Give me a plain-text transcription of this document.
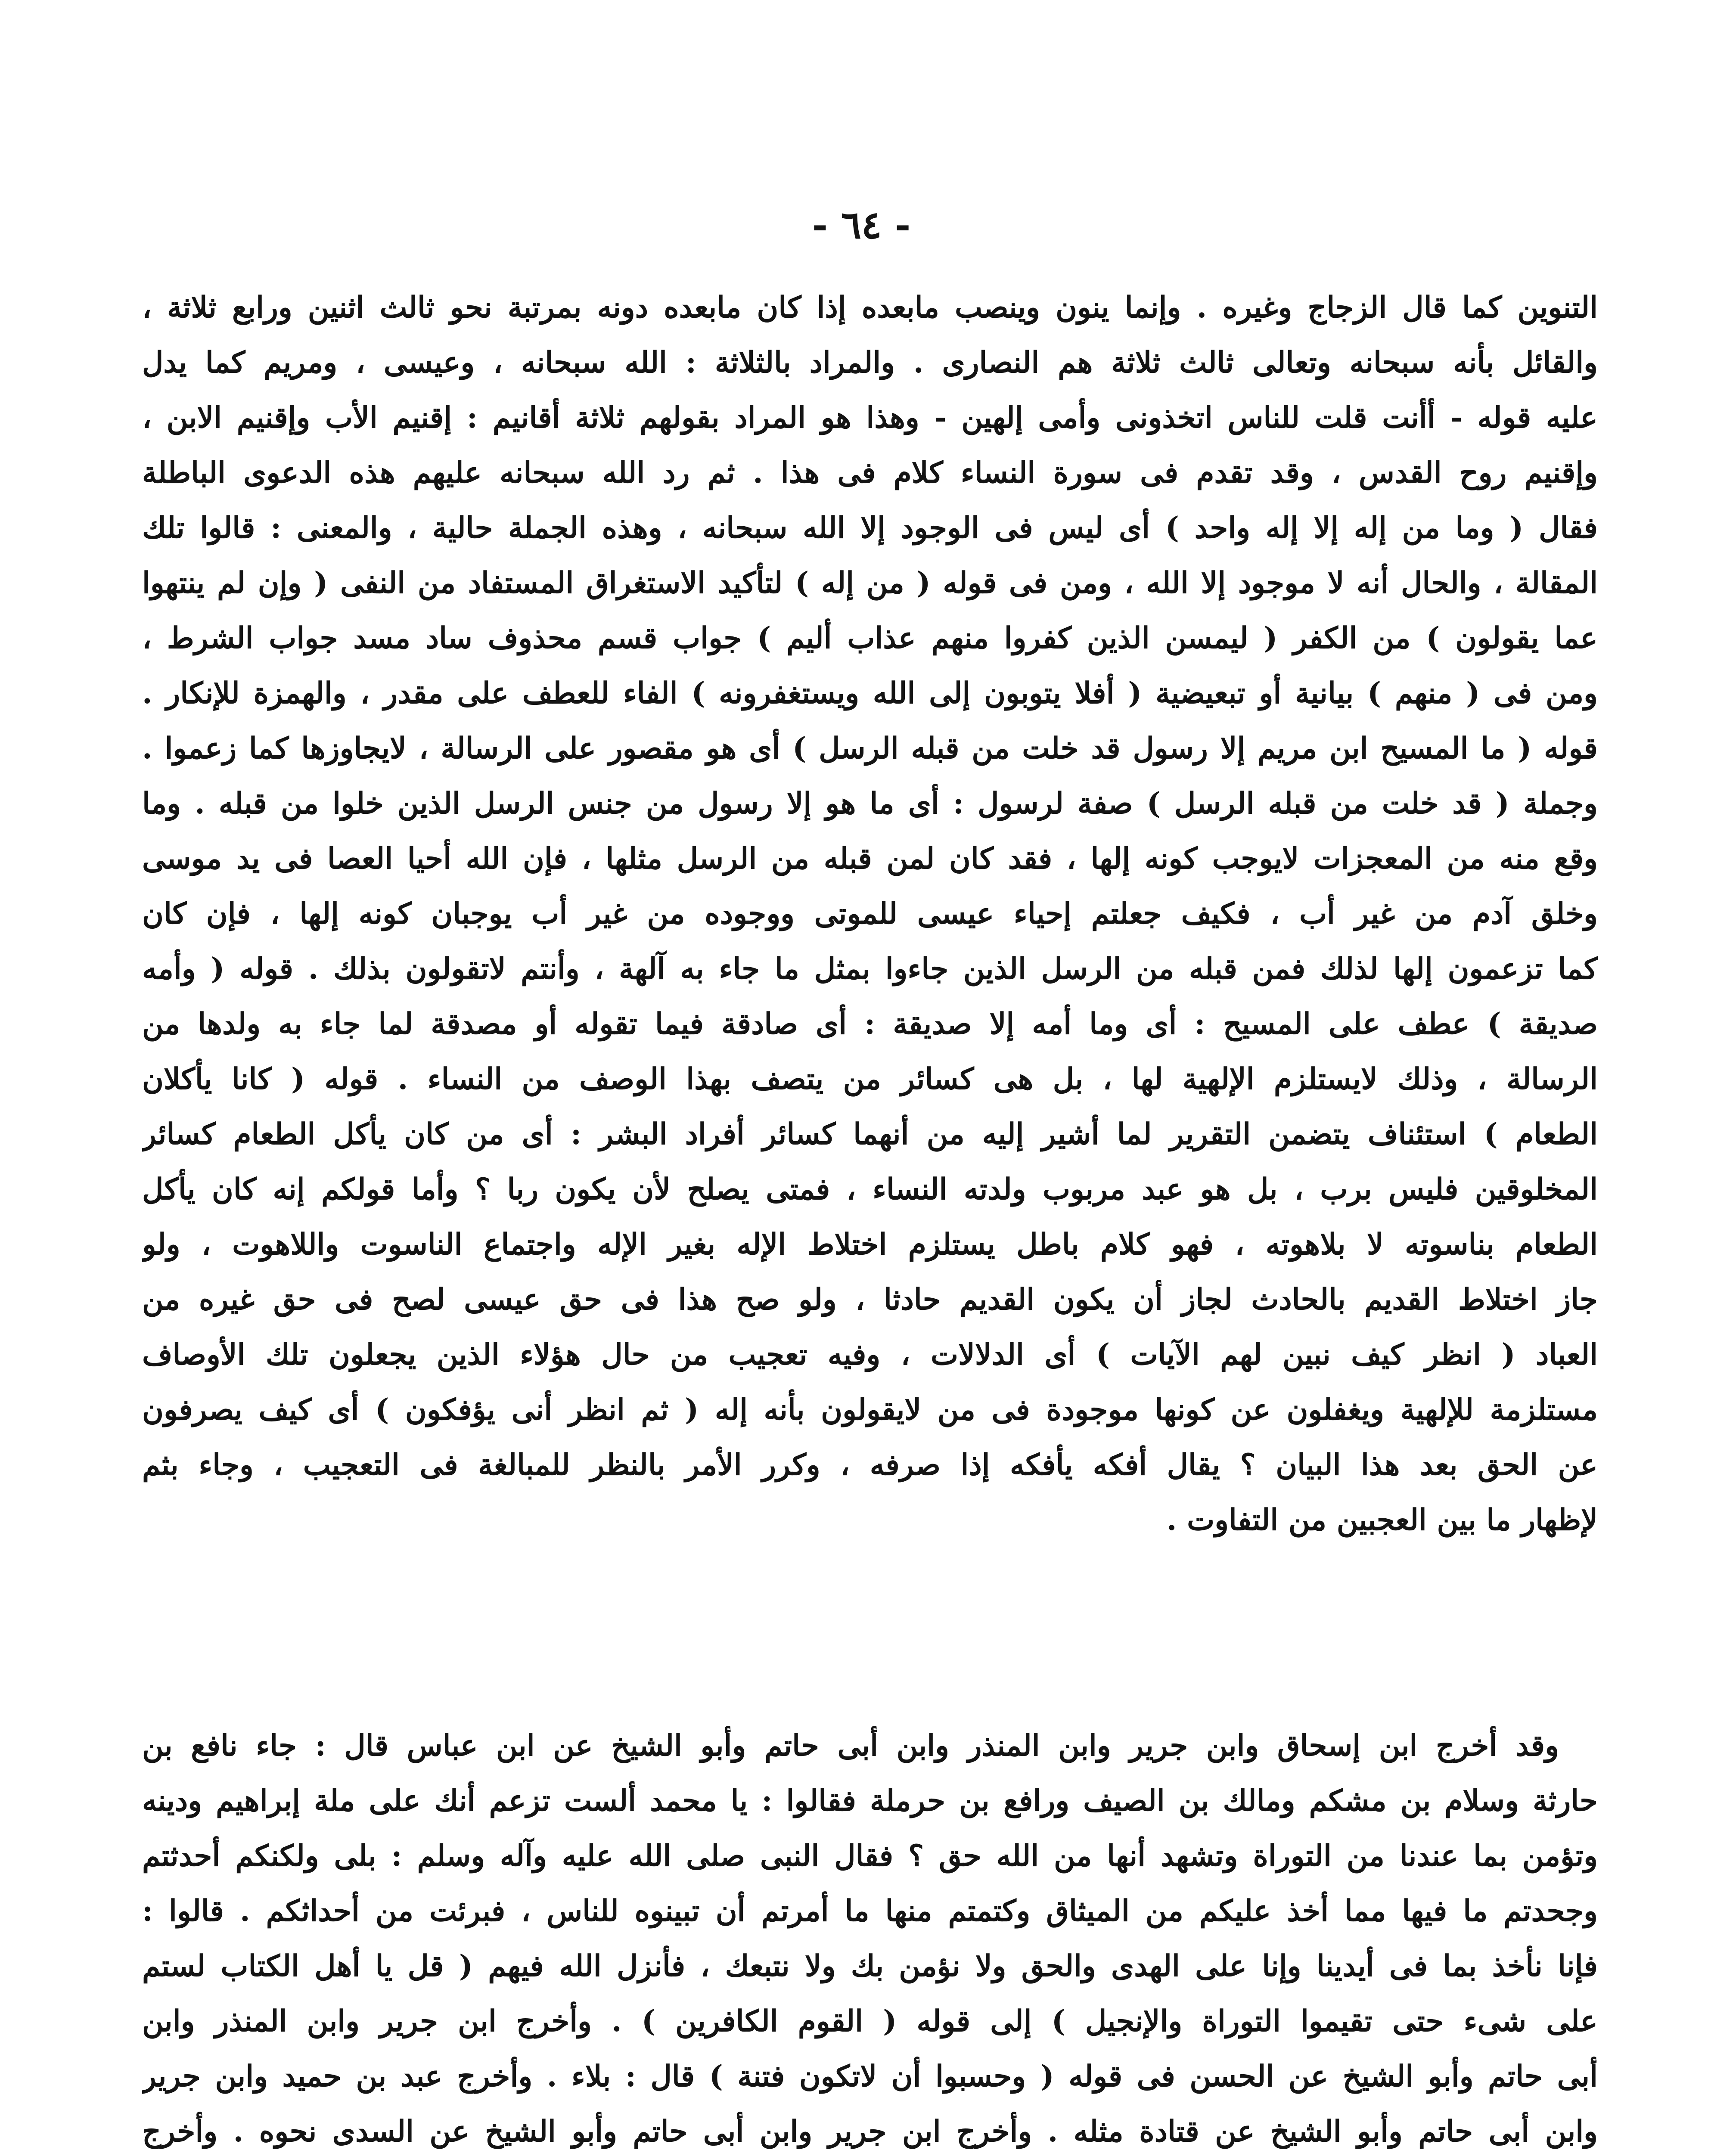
- ٦٤ -
التنوين كما قال الزجاج وغيره . وإنما ينون وينصب مابعده إذا كان مابعده دونه بمرتبة نحو ثالث اثنين ورابع ثلاثة ،
والقائل بأنه سبحانه وتعالى ثالث ثلاثة هم النصارى . والمراد بالثلاثة : الله سبحانه ، وعيسى ، ومريم كما يدل
عليه قوله - أأنت قلت للناس اتخذونى وأمى إلهين - وهذا هو المراد بقولهم ثلاثة أقانيم : إقنيم الأب وإقنيم الابن ،
وإقنيم روح القدس ، وقد تقدم فى سورة النساء كلام فى هذا . ثم رد الله سبحانه عليهم هذه الدعوى الباطلة
فقال ( وما من إله إلا إله واحد ) أى ليس فى الوجود إلا الله سبحانه ، وهذه الجملة حالية ، والمعنى : قالوا تلك
المقالة ، والحال أنه لا موجود إلا الله ، ومن فى قوله ( من إله ) لتأكيد الاستغراق المستفاد من النفى ( وإن لم ينتهوا
عما يقولون ) من الكفر ( ليمسن الذين كفروا منهم عذاب أليم ) جواب قسم محذوف ساد مسد جواب الشرط ،
ومن فى ( منهم ) بيانية أو تبعيضية ( أفلا يتوبون إلى الله ويستغفرونه ) الفاء للعطف على مقدر ، والهمزة للإنكار .
قوله ( ما المسيح ابن مريم إلا رسول قد خلت من قبله الرسل ) أى هو مقصور على الرسالة ، لايجاوزها كما زعموا .
وجملة ( قد خلت من قبله الرسل ) صفة لرسول : أى ما هو إلا رسول من جنس الرسل الذين خلوا من قبله . وما
وقع منه من المعجزات لايوجب كونه إلها ، فقد كان لمن قبله من الرسل مثلها ، فإن الله أحيا العصا فى يد موسى
وخلق آدم من غير أب ، فكيف جعلتم إحياء عيسى للموتى ووجوده من غير أب يوجبان كونه إلها ، فإن كان
كما تزعمون إلها لذلك فمن قبله من الرسل الذين جاءوا بمثل ما جاء به آلهة ، وأنتم لاتقولون بذلك . قوله ( وأمه
صديقة ) عطف على المسيح : أى وما أمه إلا صديقة : أى صادقة فيما تقوله أو مصدقة لما جاء به ولدها من
الرسالة ، وذلك لايستلزم الإلهية لها ، بل هى كسائر من يتصف بهذا الوصف من النساء . قوله ( كانا يأكلان
الطعام ) استئناف يتضمن التقرير لما أشير إليه من أنهما كسائر أفراد البشر : أى من كان يأكل الطعام كسائر
المخلوقين فليس برب ، بل هو عبد مربوب ولدته النساء ، فمتى يصلح لأن يكون ربا ؟ وأما قولكم إنه كان يأكل
الطعام بناسوته لا بلاهوته ، فهو كلام باطل يستلزم اختلاط الإله بغير الإله واجتماع الناسوت واللاهوت ، ولو
جاز اختلاط القديم بالحادث لجاز أن يكون القديم حادثا ، ولو صح هذا فى حق عيسى لصح فى حق غيره من
العباد ( انظر كيف نبين لهم الآيات ) أى الدلالات ، وفيه تعجيب من حال هؤلاء الذين يجعلون تلك الأوصاف
مستلزمة للإلهية ويغفلون عن كونها موجودة فى من لايقولون بأنه إله ( ثم انظر أنى يؤفكون ) أى كيف يصرفون
عن الحق بعد هذا البيان ؟ يقال أفكه يأفكه إذا صرفه ، وكرر الأمر بالنظر للمبالغة فى التعجيب ، وجاء بثم
لإظهار ما بين العجبين من التفاوت .
وقد أخرج ابن إسحاق وابن جرير وابن المنذر وابن أبى حاتم وأبو الشيخ عن ابن عباس قال : جاء نافع بن
حارثة وسلام بن مشكم ومالك بن الصيف ورافع بن حرملة فقالوا : يا محمد ألست تزعم أنك على ملة إبراهيم ودينه
وتؤمن بما عندنا من التوراة وتشهد أنها من الله حق ؟ فقال النبى صلى الله عليه وآله وسلم : بلى ولكنكم أحدثتم
وجحدتم ما فيها مما أخذ عليكم من الميثاق وكتمتم منها ما أمرتم أن تبينوه للناس ، فبرئت من أحداثكم . قالوا :
فإنا نأخذ بما فى أيدينا وإنا على الهدى والحق ولا نؤمن بك ولا نتبعك ، فأنزل الله فيهم ( قل يا أهل الكتاب لستم
على شىء حتى تقيموا التوراة والإنجيل ) إلى قوله ( القوم الكافرين ) . وأخرج ابن جرير وابن المنذر وابن
أبى حاتم وأبو الشيخ عن الحسن فى قوله ( وحسبوا أن لاتكون فتنة ) قال : بلاء . وأخرج عبد بن حميد وابن جرير
وابن أبى حاتم وأبو الشيخ عن قتادة مثله . وأخرج ابن جرير وابن أبى حاتم وأبو الشيخ عن السدى نحوه . وأخرج
